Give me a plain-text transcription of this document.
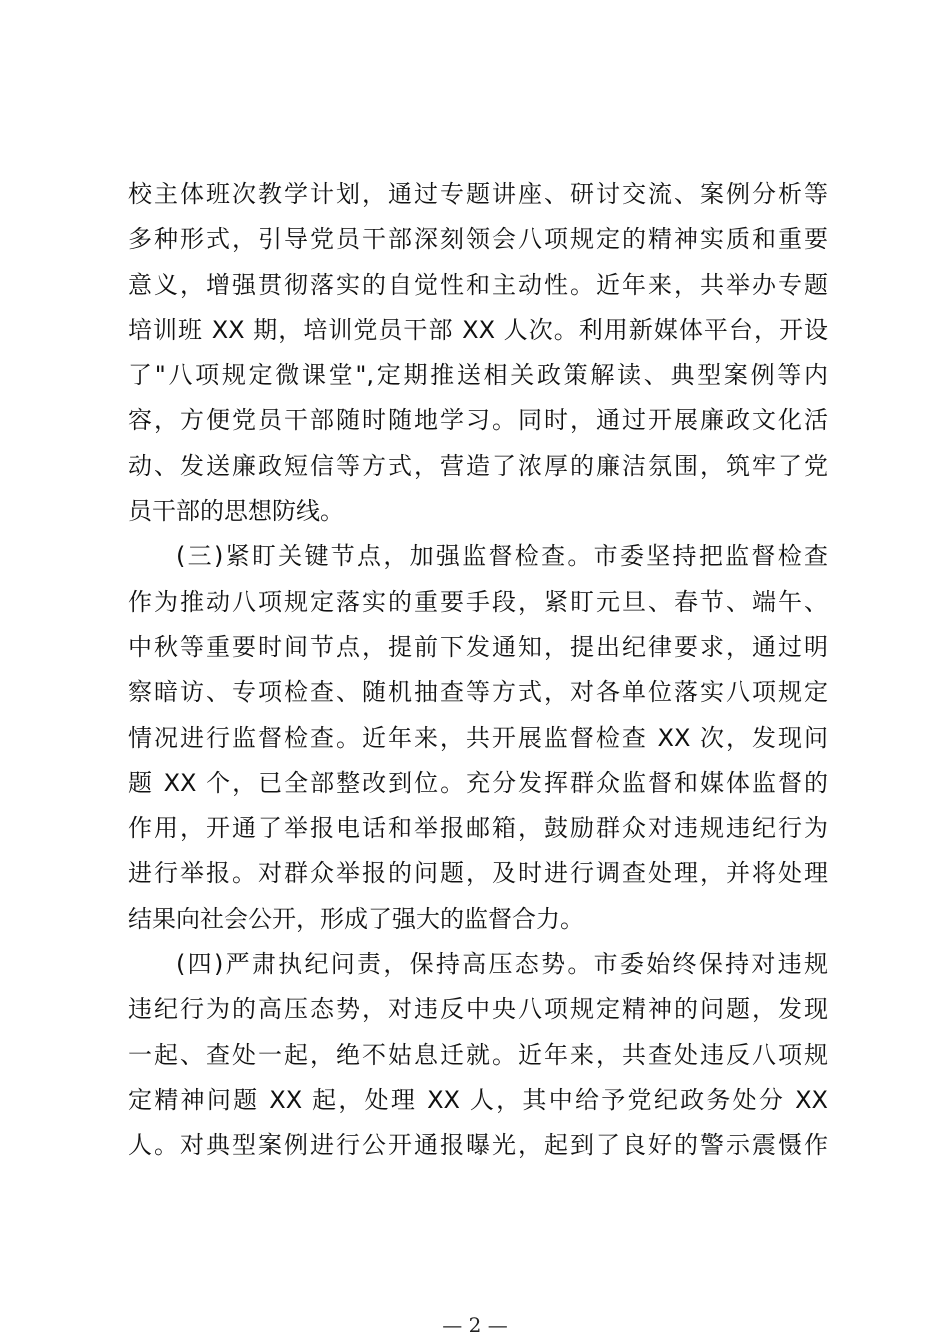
校主体班次教学计划，通过专题讲座、研讨交流、案例分析等
多种形式，引导党员干部深刻领会八项规定的精神实质和重要
意义，增强贯彻落实的自觉性和主动性。近年来，共举办专题
培训班 XX 期，培训党员干部 XX 人次。利用新媒体平台，开设
了"八项规定微课堂",定期推送相关政策解读、典型案例等内
容，方便党员干部随时随地学习。同时，通过开展廉政文化活
动、发送廉政短信等方式，营造了浓厚的廉洁氛围，筑牢了党
员干部的思想防线。
(三)紧盯关键节点，加强监督检查。市委坚持把监督检查
作为推动八项规定落实的重要手段，紧盯元旦、春节、端午、
中秋等重要时间节点，提前下发通知，提出纪律要求，通过明
察暗访、专项检查、随机抽查等方式，对各单位落实八项规定
情况进行监督检查。近年来，共开展监督检查 XX 次，发现问
题 XX 个，已全部整改到位。充分发挥群众监督和媒体监督的
作用，开通了举报电话和举报邮箱，鼓励群众对违规违纪行为
进行举报。对群众举报的问题，及时进行调查处理，并将处理
结果向社会公开，形成了强大的监督合力。
(四)严肃执纪问责，保持高压态势。市委始终保持对违规
违纪行为的高压态势，对违反中央八项规定精神的问题，发现
一起、查处一起，绝不姑息迁就。近年来，共查处违反八项规
定精神问题 XX 起，处理 XX 人，其中给予党纪政务处分 XX
人。对典型案例进行公开通报曝光，起到了良好的警示震慑作
— 2 —
